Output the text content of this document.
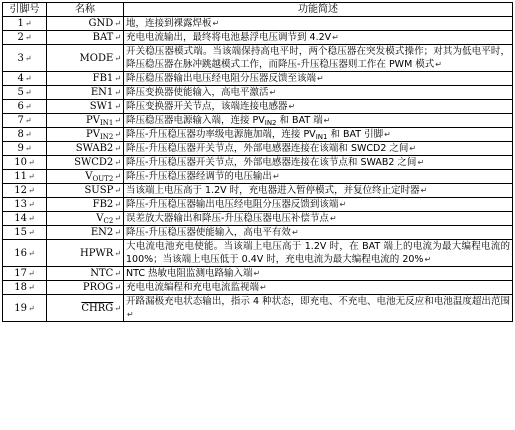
引脚号	名称	功能简述
1↵	GND↵	地，连接到裸露焊板↵
2↵	BAT↵	充电电流输出，最终将电池悬浮电压调节到 4.2V↵
3↵	MODE↵	开关稳压器模式端。当该端保持高电平时，两个稳压器在突发模式操作；对其为低电平时，降压稳压器在脉冲跳越模式工作，而降压-升压稳压器则工作在 PWM 模式↵
4↵	FB1↵	降压稳压器输出电压经电阻分压器反馈至该端↵
5↵	EN1↵	降压变换器使能输入，高电平激活↵
6↵	SW1↵	降压变换器开关节点，该端连接电感器↵
7↵	$PV_{IN1}↵$	降压稳压器电源输入端，连接 $PV_{IN2}$ 和 BAT 端↵
8↵	$PV_{IN2}↵$	降压-升压稳压器功率级电源施加端，连接 $PV_{IN1}$ 和 BAT 引脚↵
9↵	SWAB2↵	降压-升压稳压器开关节点，外部电感器连接在该端和 SWCD2 之间↵
10↵	SWCD2↵	降压-升压稳压器开关节点，外部电感器连接在该节点和 SWAB2 之间↵
11↵	$V_{OUT2}↵$	降压-升压稳压器经调节的电压输出↵
12↵	SUSP↵	当该端上电压高于 1.2V 时，充电器进入暂停模式，并复位终止定时器↵
13↵	FB2↵	降压-升压稳压器输出电压经电阻分压器反馈到该端↵
14↵	$V_{C2}↵$	误差放大器输出和降压-升压稳压器电压补偿节点↵
15↵	EN2↵	降压-升压稳压器使能输入，高电平有效↵
16↵	HPWR↵	大电流电池充电使能。当该端上电压高于 1.2V 时，在 BAT 端上的电流为最大编程电流的 100%；当该端上电压低于 0.4V 时，充电电流为最大编程电流的 20%↵
17↵	NTC↵	NTC 热敏电阻监测电路输入端↵
18↵	PROG↵	充电电流编程和充电电流监视端↵
19↵	CHRG↵	开路漏极充电状态输出，指示 4 种状态，即充电、不充电、电池无反应和电池温度超出范围↵
